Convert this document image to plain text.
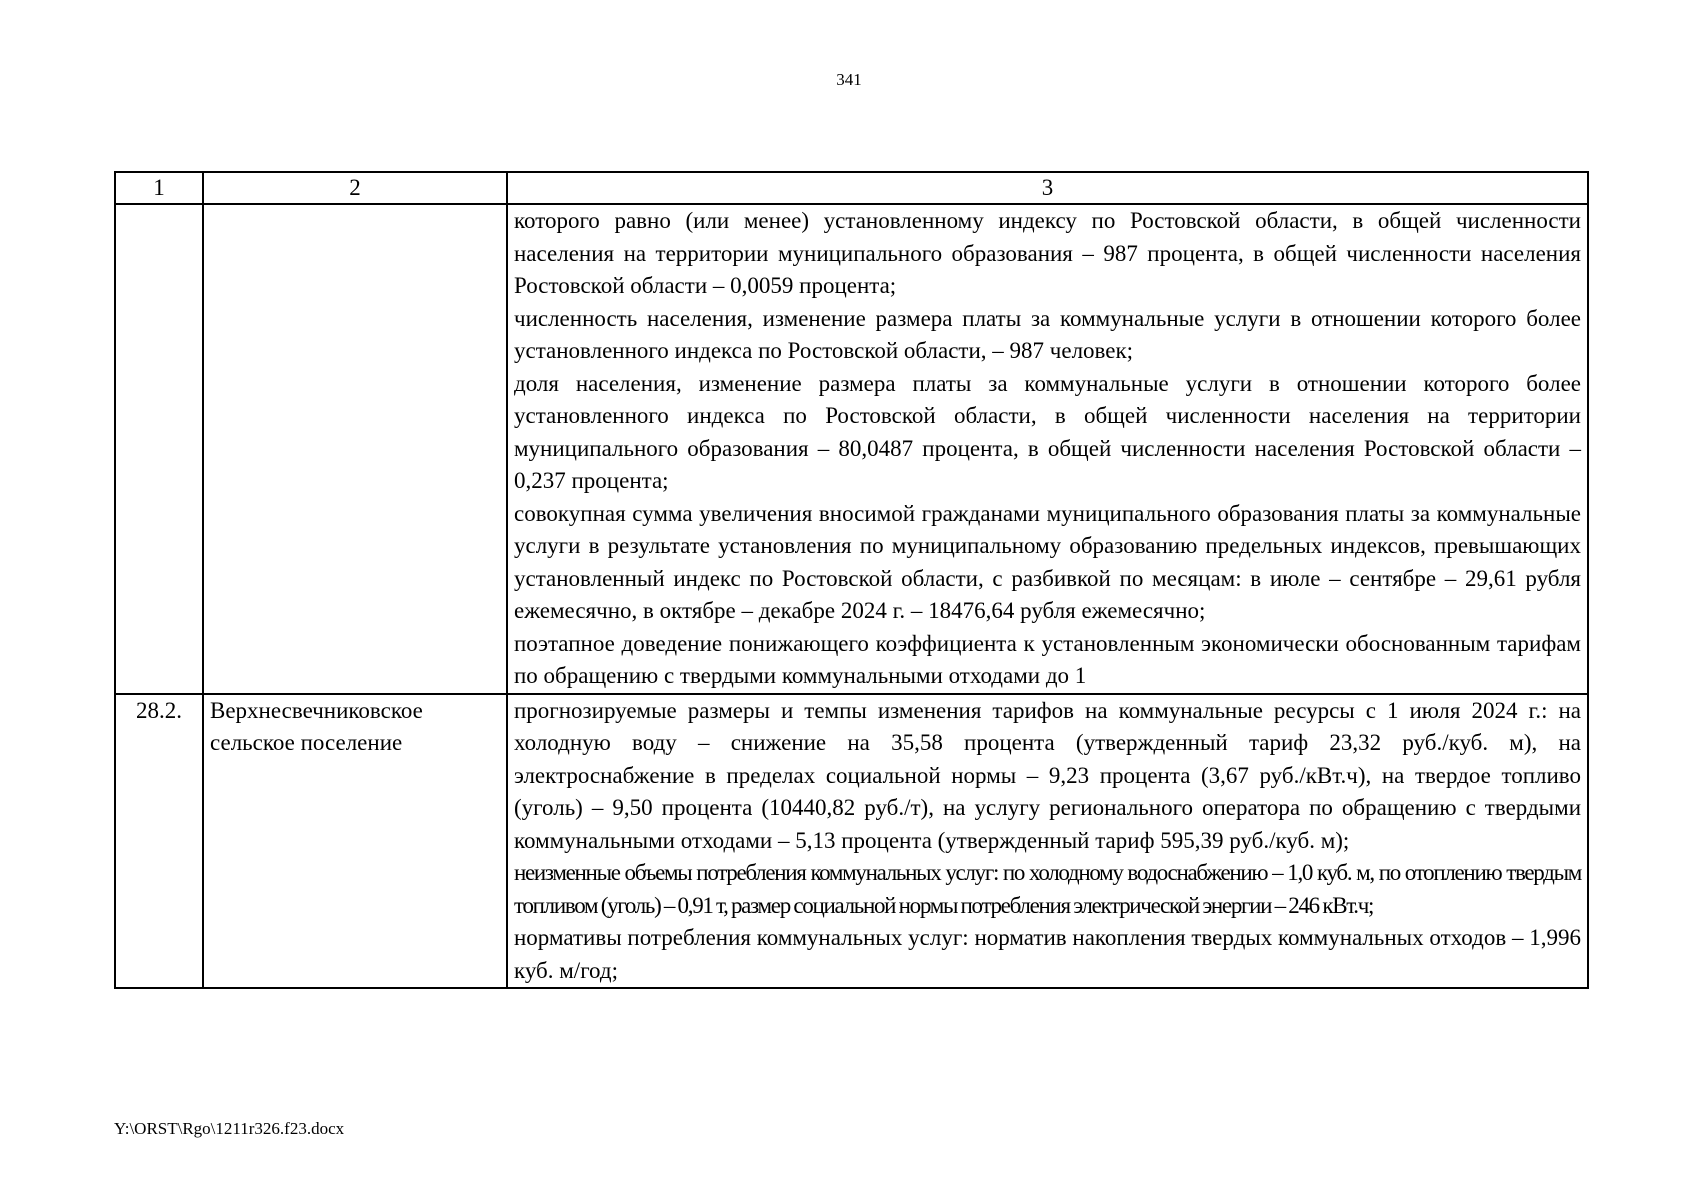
341
1	2	3

		которого равно (или менее) установленному индексу по Ростовской области, в общей численности населения на территории муниципального образования – 987 процента, в общей численности населения Ростовской области – 0,0059 процента;

численность населения, изменение размера платы за коммунальные услуги в отношении которого более установленного индекса по Ростовской области, – 987 человек;

доля населения, изменение размера платы за коммунальные услуги в отношении которого более установленного индекса по Ростовской области, в общей численности населения на территории муниципального образования – 80,0487 процента, в общей численности населения Ростовской области – 0,237 процента;

совокупная сумма увеличения вносимой гражданами муниципального образования платы за коммунальные услуги в результате установления по муниципальному образованию предельных индексов, превышающих установленный индекс по Ростовской области, с разбивкой по месяцам: в июле – сентябре – 29,61 рубля ежемесячно, в октябре – декабре 2024 г. – 18476,64 рубля ежемесячно;

поэтапное доведение понижающего коэффициента к установленным экономически обоснованным тарифам по обращению с твердыми коммунальными отходами до 1

28.2.	Верхнесвечниковское сельское поселение	прогнозируемые размеры и темпы изменения тарифов на коммунальные ресурсы с 1 июля 2024 г.: на холодную воду – снижение на 35,58 процента (утвержденный тариф 23,32 руб./куб. м), на электроснабжение в пределах социальной нормы – 9,23 процента (3,67 руб./кВт.ч), на твердое топливо (уголь) – 9,50 процента (10440,82 руб./т), на услугу регионального оператора по обращению с твердыми коммунальными отходами – 5,13 процента (утвержденный тариф 595,39 руб./куб. м);

неизменные объемы потребления коммунальных услуг: по холодному водоснабжению – 1,0 куб. м, по отоплению твердым топливом (уголь) – 0,91 т, размер социальной нормы потребления электрической энергии – 246 кВт.ч;

нормативы потребления коммунальных услуг: норматив накопления твердых коммунальных отходов – 1,996 куб. м/год;

Y:\ORST\Rgo\1211r326.f23.docx
